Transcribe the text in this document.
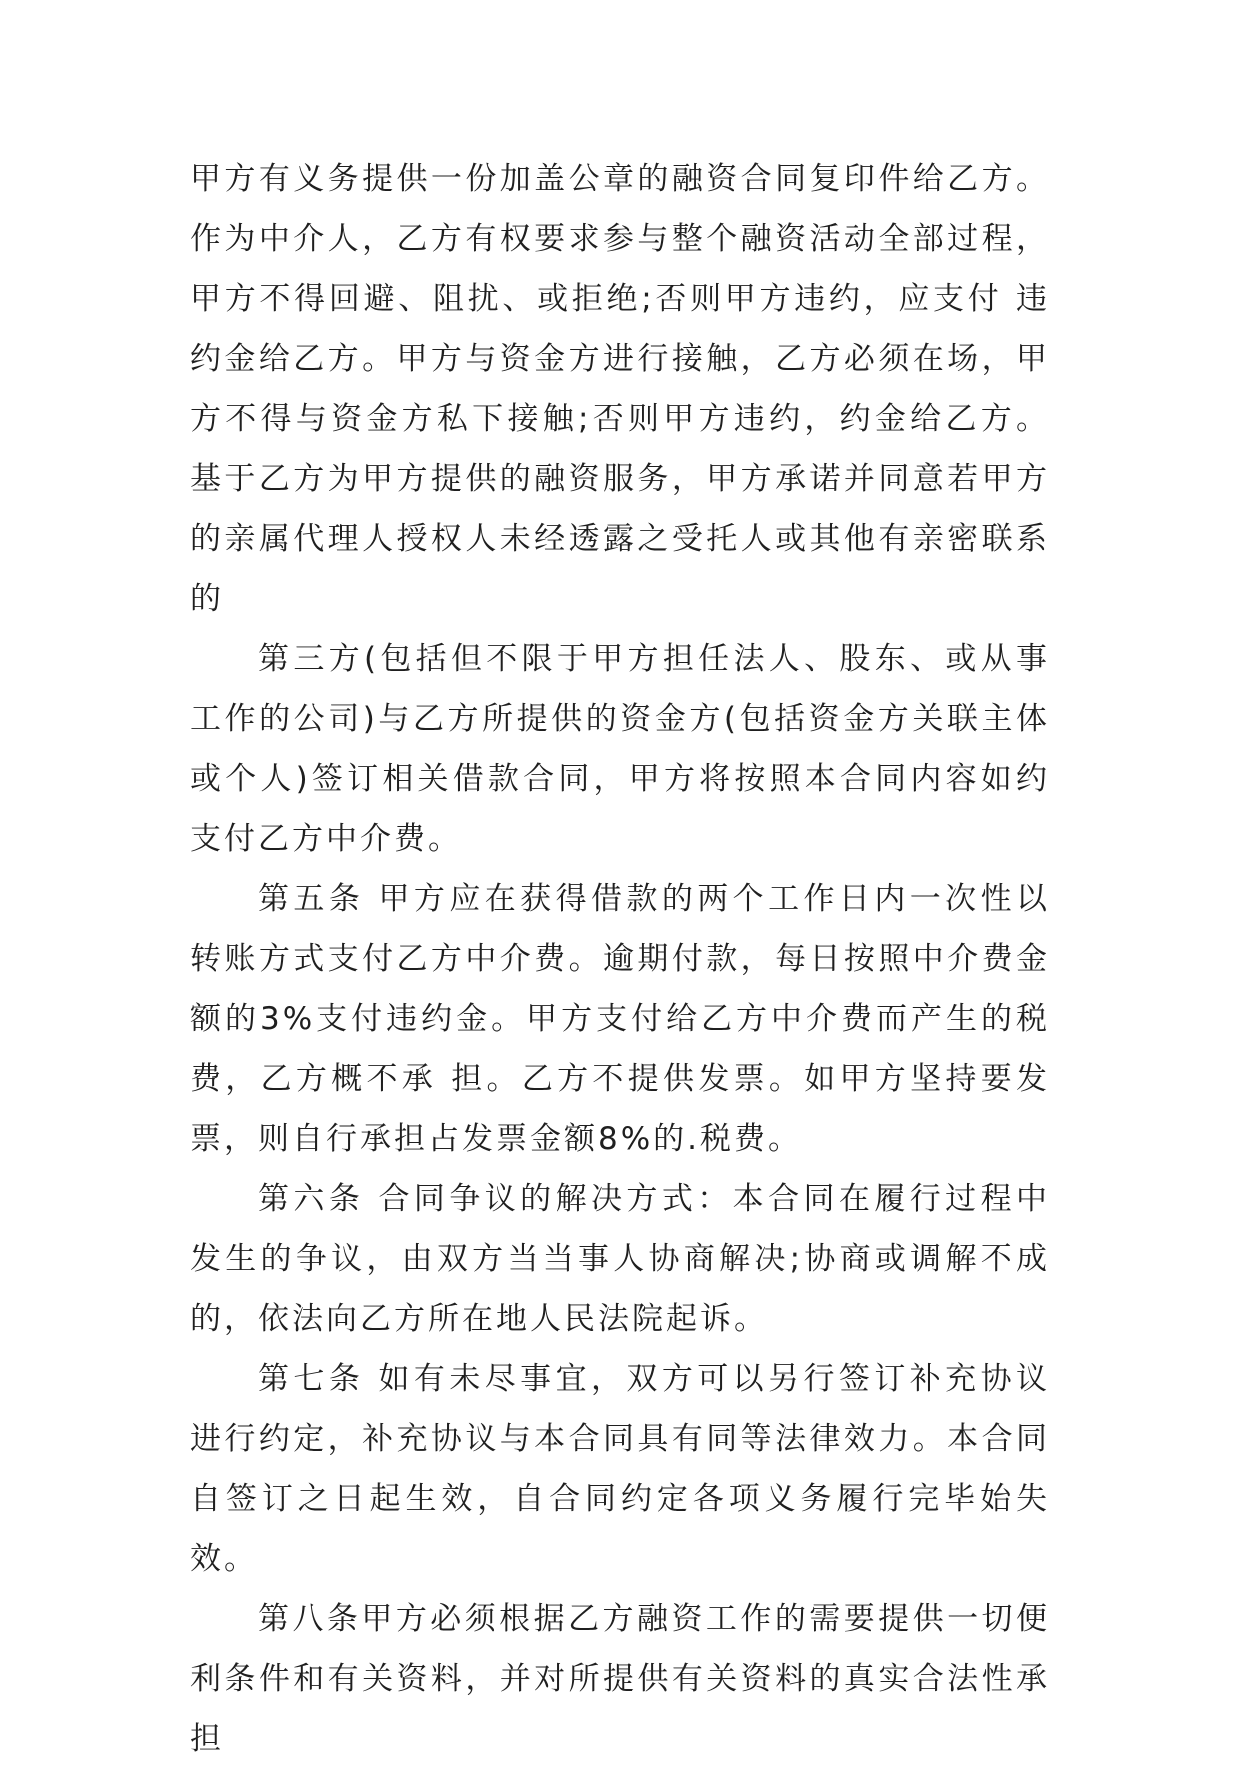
甲方有义务提供一份加盖公章的融资合同复印件给乙方。作为中介人，乙方有权要求参与整个融资活动全部过程，甲方不得回避、阻扰、或拒绝;否则甲方违约，应支付 违约金给乙方。甲方与资金方进行接触，乙方必须在场，甲方不得与资金方私下接触;否则甲方违约，约金给乙方。基于乙方为甲方提供的融资服务，甲方承诺并同意若甲方的亲属代理人授权人未经透露之受托人或其他有亲密联系的

第三方(包括但不限于甲方担任法人、股东、或从事工作的公司)与乙方所提供的资金方(包括资金方关联主体或个人)签订相关借款合同，甲方将按照本合同内容如约支付乙方中介费。

第五条 甲方应在获得借款的两个工作日内一次性以转账方式支付乙方中介费。逾期付款，每日按照中介费金额的3%支付违约金。甲方支付给乙方中介费而产生的税费，乙方概不承 担。乙方不提供发票。如甲方坚持要发票，则自行承担占发票金额8%的.税费。

第六条 合同争议的解决方式：本合同在履行过程中发生的争议，由双方当当事人协商解决;协商或调解不成的，依法向乙方所在地人民法院起诉。

第七条 如有未尽事宜，双方可以另行签订补充协议进行约定，补充协议与本合同具有同等法律效力。本合同自签订之日起生效，自合同约定各项义务履行完毕始失效。

第八条甲方必须根据乙方融资工作的需要提供一切便利条件和有关资料，并对所提供有关资料的真实合法性承担
